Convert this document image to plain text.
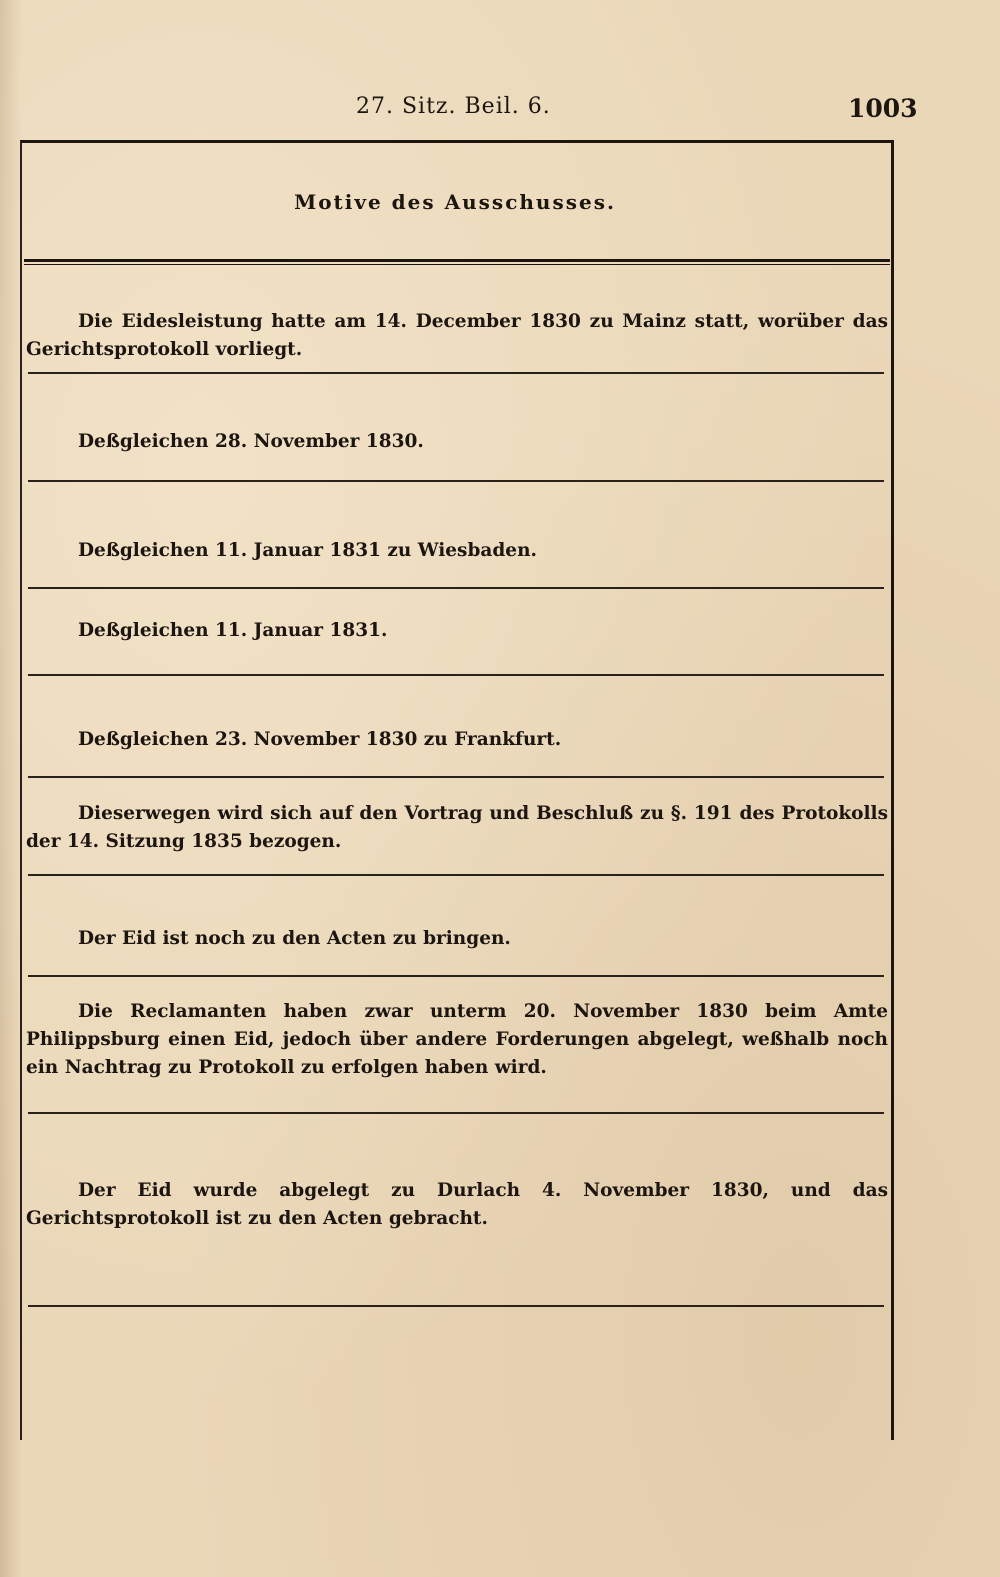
27. Sitz. Beil. 6.	1003
Motive des Ausschusses.
Die Eidesleistung hatte am 14. December 1830 zu Mainz statt, worüber das Gerichtsprotokoll vorliegt.
Deßgleichen 28. November 1830.
Deßgleichen 11. Januar 1831 zu Wiesbaden.
Deßgleichen 11. Januar 1831.
Deßgleichen 23. November 1830 zu Frankfurt.
Dieserwegen wird sich auf den Vortrag und Beschluß zu §. 191 des Protokolls der 14. Sitzung 1835 bezogen.
Der Eid ist noch zu den Acten zu bringen.
Die Reclamanten haben zwar unterm 20. November 1830 beim Amte Philippsburg einen Eid, jedoch über andere Forderungen abgelegt, weßhalb noch ein Nachtrag zu Protokoll zu erfolgen haben wird.
Der Eid wurde abgelegt zu Durlach 4. November 1830, und das Gerichtsprotokoll ist zu den Acten gebracht.
